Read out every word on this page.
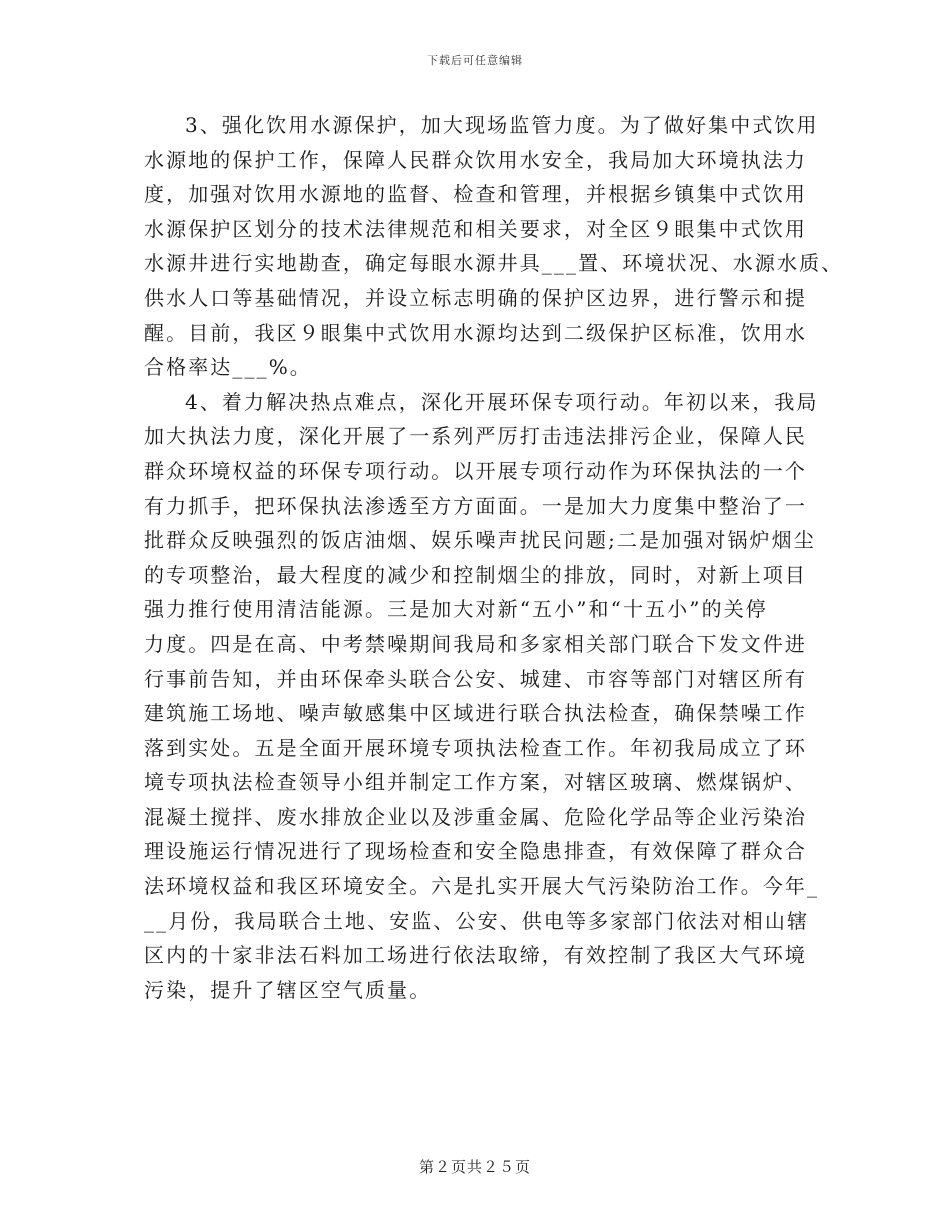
下载后可任意编辑
3、强化饮用水源保护，加大现场监管力度。为了做好集中式饮用
水源地的保护工作，保障人民群众饮用水安全，我局加大环境执法力
度，加强对饮用水源地的监督、检查和管理，并根据乡镇集中式饮用
水源保护区划分的技术法律规范和相关要求，对全区９眼集中式饮用
水源井进行实地勘查，确定每眼水源井具___置、环境状况、水源水质、
供水人口等基础情况，并设立标志明确的保护区边界，进行警示和提
醒。目前，我区９眼集中式饮用水源均达到二级保护区标准，饮用水
合格率达___%。
4、着力解决热点难点，深化开展环保专项行动。年初以来，我局
加大执法力度，深化开展了一系列严厉打击违法排污企业，保障人民
群众环境权益的环保专项行动。以开展专项行动作为环保执法的一个
有力抓手，把环保执法渗透至方方面面。一是加大力度集中整治了一
批群众反映强烈的饭店油烟、娱乐噪声扰民问题;二是加强对锅炉烟尘
的专项整治，最大程度的减少和控制烟尘的排放，同时，对新上项目
强力推行使用清洁能源。三是加大对新“五小”和“十五小”的关停
力度。四是在高、中考禁噪期间我局和多家相关部门联合下发文件进
行事前告知，并由环保牵头联合公安、城建、市容等部门对辖区所有
建筑施工场地、噪声敏感集中区域进行联合执法检查，确保禁噪工作
落到实处。五是全面开展环境专项执法检查工作。年初我局成立了环
境专项执法检查领导小组并制定工作方案，对辖区玻璃、燃煤锅炉、
混凝土搅拌、废水排放企业以及涉重金属、危险化学品等企业污染治
理设施运行情况进行了现场检查和安全隐患排查，有效保障了群众合
法环境权益和我区环境安全。六是扎实开展大气污染防治工作。今年_
__月份，我局联合土地、安监、公安、供电等多家部门依法对相山辖
区内的十家非法石料加工场进行依法取缔，有效控制了我区大气环境
污染，提升了辖区空气质量。
第２页共２５页
